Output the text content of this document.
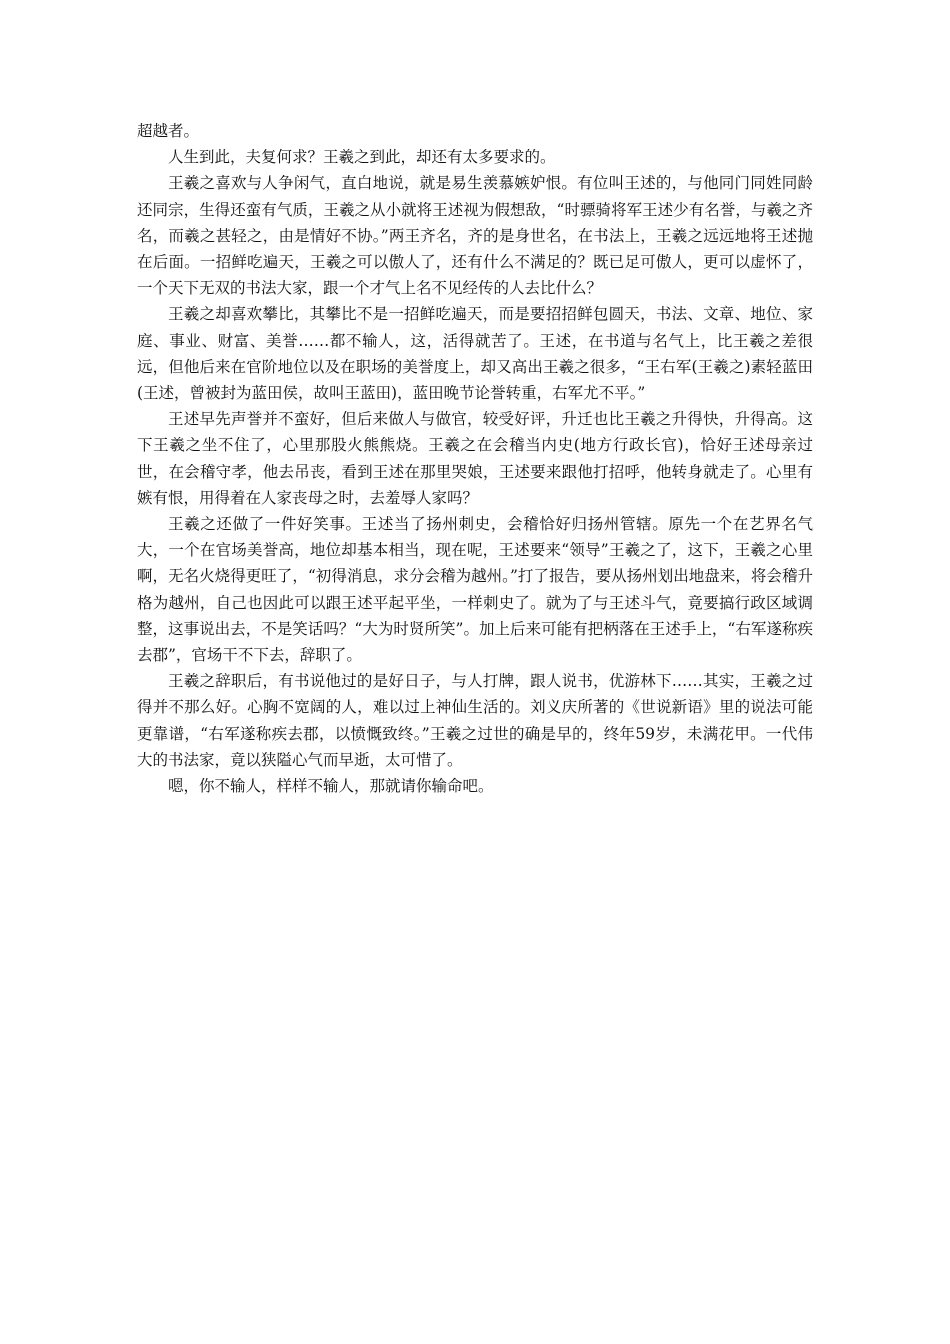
超越者。

人生到此，夫复何求？王羲之到此，却还有太多要求的。

王羲之喜欢与人争闲气，直白地说，就是易生羡慕嫉妒恨。有位叫王述的，与他同门同姓同龄还同宗，生得还蛮有气质，王羲之从小就将王述视为假想敌，“时骠骑将军王述少有名誉，与羲之齐名，而羲之甚轻之，由是情好不协。”两王齐名，齐的是身世名，在书法上，王羲之远远地将王述抛在后面。一招鲜吃遍天，王羲之可以傲人了，还有什么不满足的？既已足可傲人，更可以虚怀了，一个天下无双的书法大家，跟一个才气上名不见经传的人去比什么？

王羲之却喜欢攀比，其攀比不是一招鲜吃遍天，而是要招招鲜包圆天，书法、文章、地位、家庭、事业、财富、美誉……都不输人，这，活得就苦了。王述，在书道与名气上，比王羲之差很远，但他后来在官阶地位以及在职场的美誉度上，却又高出王羲之很多，“王右军(王羲之)素轻蓝田(王述，曾被封为蓝田侯，故叫王蓝田)，蓝田晚节论誉转重，右军尤不平。”

王述早先声誉并不蛮好，但后来做人与做官，较受好评，升迁也比王羲之升得快，升得高。这下王羲之坐不住了，心里那股火熊熊烧。王羲之在会稽当内史(地方行政长官)，恰好王述母亲过世，在会稽守孝，他去吊丧，看到王述在那里哭娘，王述要来跟他打招呼，他转身就走了。心里有嫉有恨，用得着在人家丧母之时，去羞辱人家吗？

王羲之还做了一件好笑事。王述当了扬州刺史，会稽恰好归扬州管辖。原先一个在艺界名气大，一个在官场美誉高，地位却基本相当，现在呢，王述要来“领导”王羲之了，这下，王羲之心里啊，无名火烧得更旺了，“初得消息，求分会稽为越州。”打了报告，要从扬州划出地盘来，将会稽升格为越州，自己也因此可以跟王述平起平坐，一样刺史了。就为了与王述斗气，竟要搞行政区域调整，这事说出去，不是笑话吗？“大为时贤所笑”。加上后来可能有把柄落在王述手上，“右军遂称疾去郡”，官场干不下去，辞职了。

王羲之辞职后，有书说他过的是好日子，与人打牌，跟人说书，优游林下……其实，王羲之过得并不那么好。心胸不宽阔的人，难以过上神仙生活的。刘义庆所著的《世说新语》里的说法可能更靠谱，“右军遂称疾去郡，以愤慨致终。”王羲之过世的确是早的，终年59岁，未满花甲。一代伟大的书法家，竟以狭隘心气而早逝，太可惜了。

嗯，你不输人，样样不输人，那就请你输命吧。
